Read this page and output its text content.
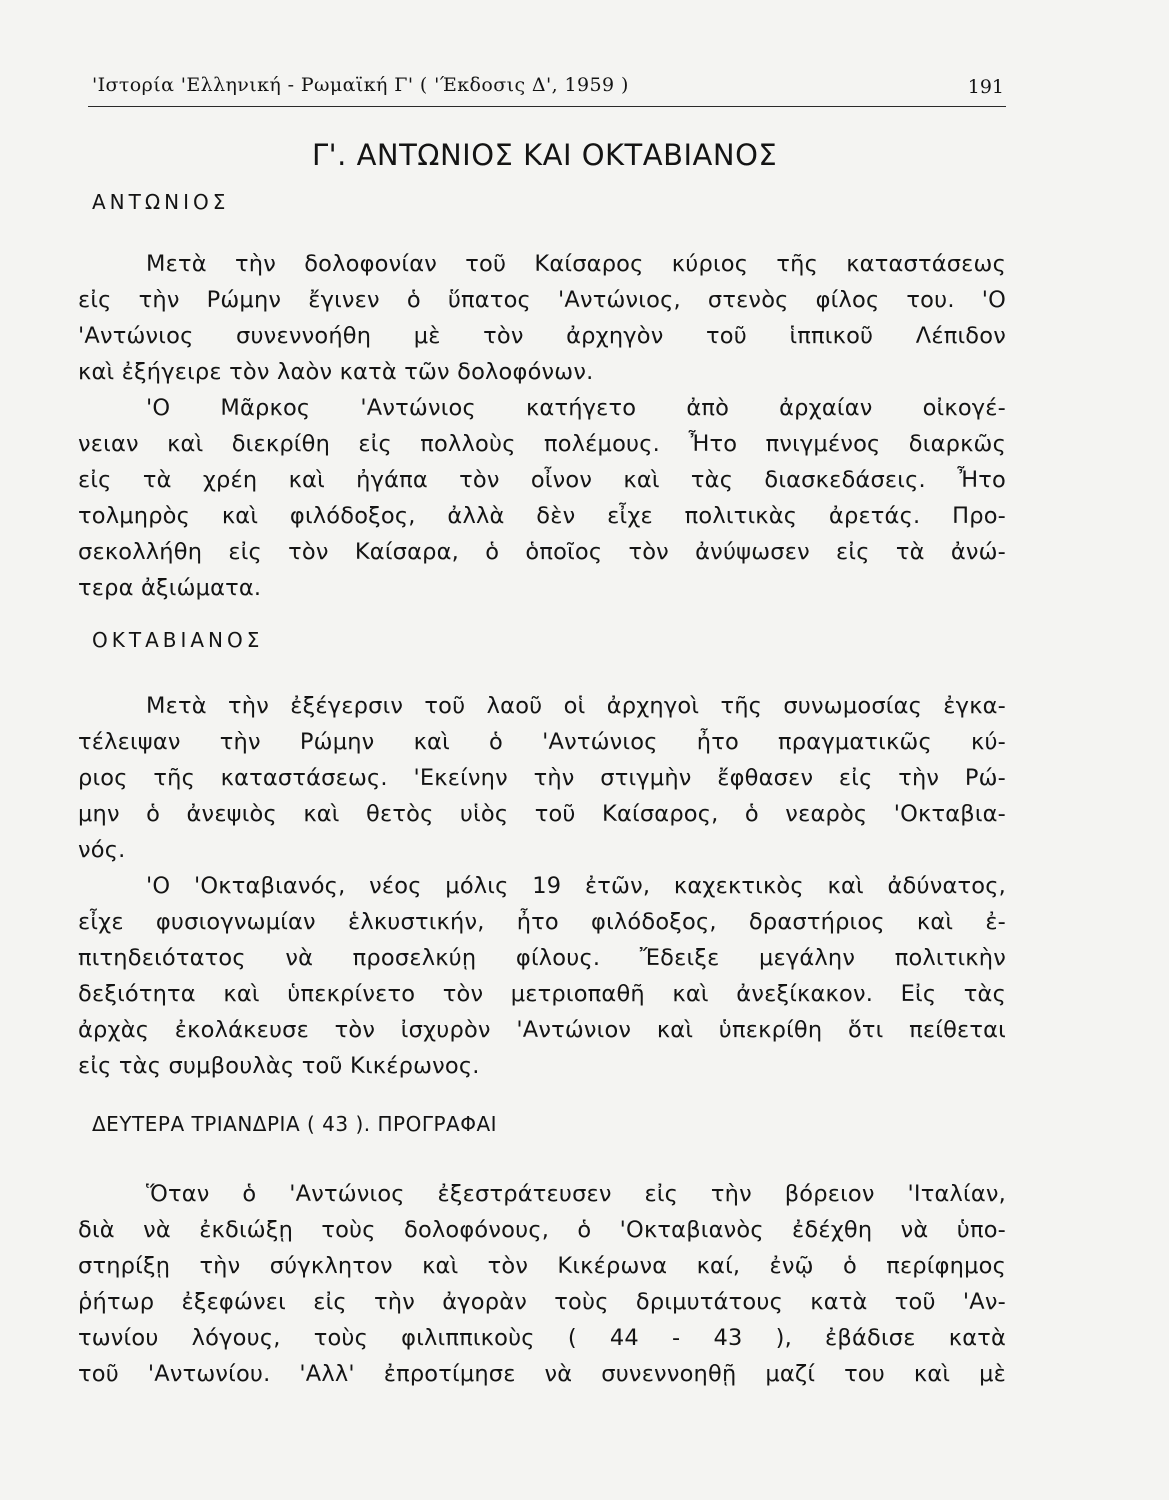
'Ιστορία 'Ελληνική - Ρωμαϊκή Γ' ( 'Έκδοσις Δ', 1959 )	191
Γ'. ΑΝΤΩΝΙΟΣ ΚΑΙ ΟΚΤΑΒΙΑΝΟΣ
ΑΝΤΩΝΙΟΣ
Μετὰ τὴν δολοφονίαν τοῦ Καίσαρος κύριος τῆς καταστάσεως
εἰς τὴν Ρώμην ἔγινεν ὁ ὕπατος 'Αντώνιος, στενὸς φίλος του. 'Ο
'Αντώνιος συνεννοήθη μὲ τὸν ἀρχηγὸν τοῦ ἱππικοῦ Λέπιδον
καὶ ἐξήγειρε τὸν λαὸν κατὰ τῶν δολοφόνων.
'Ο Μᾶρκος 'Αντώνιος κατήγετο ἀπὸ ἀρχαίαν οἰκογέ-
νειαν καὶ διεκρίθη εἰς πολλοὺς πολέμους. Ἦτο πνιγμένος διαρκῶς
εἰς τὰ χρέη καὶ ἠγάπα τὸν οἶνον καὶ τὰς διασκεδάσεις. Ἦτο
τολμηρὸς καὶ φιλόδοξος, ἀλλὰ δὲν εἶχε πολιτικὰς ἀρετάς. Προ-
σεκολλήθη εἰς τὸν Καίσαρα, ὁ ὁποῖος τὸν ἀνύψωσεν εἰς τὰ ἀνώ-
τερα ἀξιώματα.
ΟΚΤΑΒΙΑΝΟΣ
Μετὰ τὴν ἐξέγερσιν τοῦ λαοῦ οἱ ἀρχηγοὶ τῆς συνωμοσίας ἐγκα-
τέλειψαν τὴν Ρώμην καὶ ὁ 'Αντώνιος ἦτο πραγματικῶς κύ-
ριος τῆς καταστάσεως. 'Εκείνην τὴν στιγμὴν ἔφθασεν εἰς τὴν Ρώ-
μην ὁ ἀνεψιὸς καὶ θετὸς υἱὸς τοῦ Καίσαρος, ὁ νεαρὸς 'Οκταβια-
νός.
'Ο 'Οκταβιανός, νέος μόλις 19 ἐτῶν, καχεκτικὸς καὶ ἀδύνατος,
εἶχε φυσιογνωμίαν ἑλκυστικήν, ἦτο φιλόδοξος, δραστήριος καὶ ἐ-
πιτηδειότατος νὰ προσελκύῃ φίλους. Ἔδειξε μεγάλην πολιτικὴν
δεξιότητα καὶ ὑπεκρίνετο τὸν μετριοπαθῆ καὶ ἀνεξίκακον. Εἰς τὰς
ἀρχὰς ἐκολάκευσε τὸν ἰσχυρὸν 'Αντώνιον καὶ ὑπεκρίθη ὅτι πείθεται
εἰς τὰς συμβουλὰς τοῦ Κικέρωνος.
ΔΕΥΤΕΡΑ ΤΡΙΑΝΔΡΙΑ ( 43 ). ΠΡΟΓΡΑΦΑΙ
Ὅταν ὁ 'Αντώνιος ἐξεστράτευσεν εἰς τὴν βόρειον 'Ιταλίαν,
διὰ νὰ ἐκδιώξῃ τοὺς δολοφόνους, ὁ 'Οκταβιανὸς ἐδέχθη νὰ ὑπο-
στηρίξῃ τὴν σύγκλητον καὶ τὸν Κικέρωνα καί, ἐνῷ ὁ περίφημος
ῥήτωρ ἐξεφώνει εἰς τὴν ἀγορὰν τοὺς δριμυτάτους κατὰ τοῦ 'Αν-
τωνίου λόγους, τοὺς φιλιππικοὺς ( 44 - 43 ), ἐβάδισε κατὰ
τοῦ 'Αντωνίου. 'Αλλ' ἐπροτίμησε νὰ συνεννοηθῇ μαζί του καὶ μὲ
